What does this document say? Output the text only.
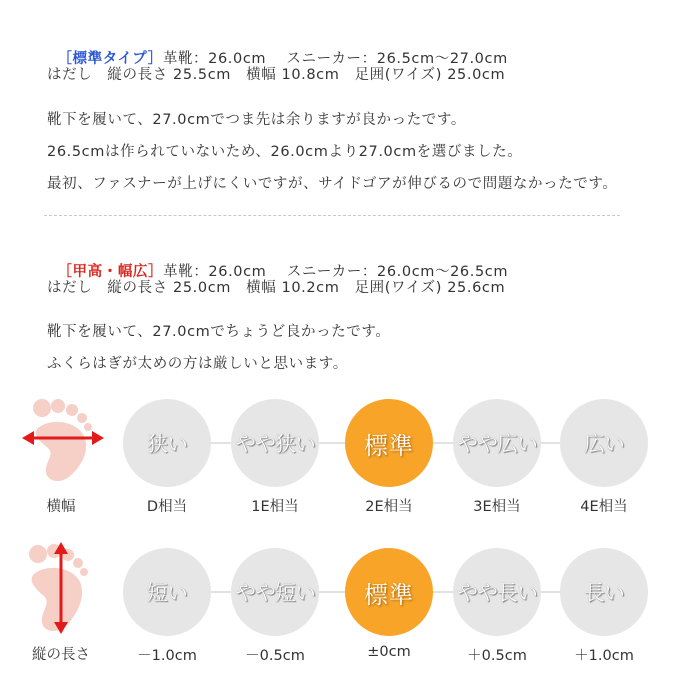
［標準タイプ］革靴：26.0cm　 スニーカー：26.5cm〜27.0cm

はだし　縦の長さ 25.5cm　横幅 10.8cm　足囲(ワイズ) 25.0cm
靴下を履いて、27.0cmでつま先は余りますが良かったです。
26.5cmは作られていないため、26.0cmより27.0cmを選びました。
最初、ファスナーが上げにくいですが、サイドゴアが伸びるので問題なかったです。

［甲高・幅広］革靴：26.0cm　 スニーカー：26.0cm〜26.5cm

はだし　縦の長さ 25.0cm　横幅 10.2cm　足囲(ワイズ) 25.6cm
靴下を履いて、27.0cmでちょうど良かったです。
ふくらはぎが太めの方は厳しいと思います。
横幅
狭い やや狭い 標準 やや広い 広い
D相当	1E相当	2E相当	3E相当	4E相当
縦の長さ
短い やや短い 標準 やや長い 長い
－1.0cm	－0.5cm	±0cm	＋0.5cm	＋1.0cm
